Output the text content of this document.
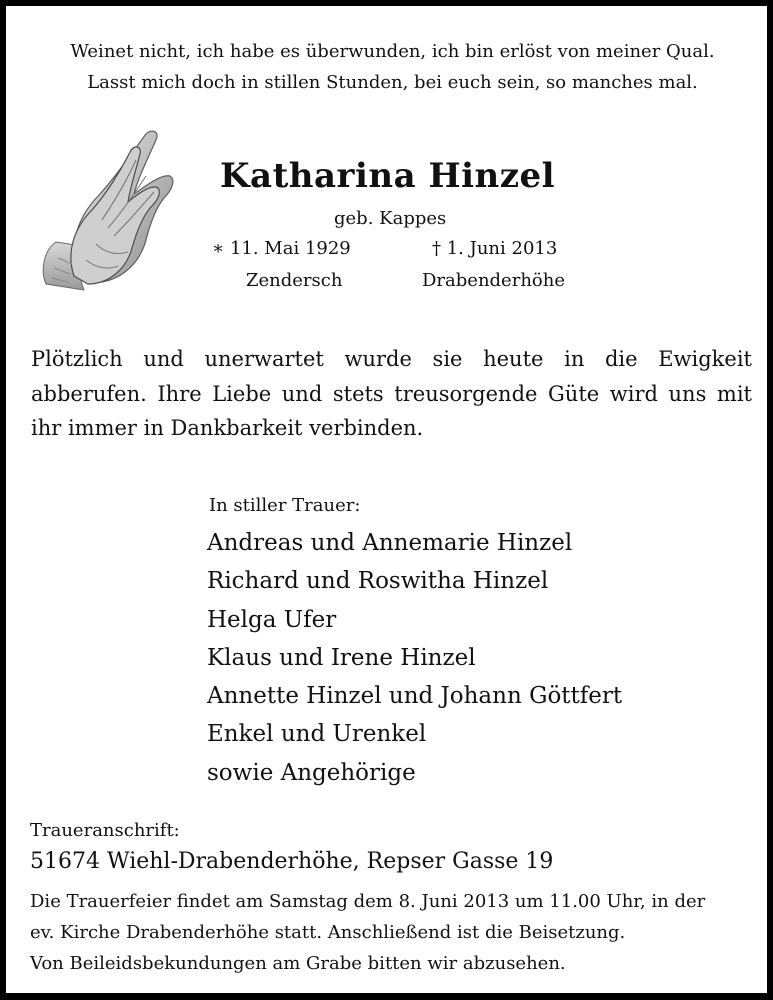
Weinet nicht, ich habe es überwunden, ich bin erlöst von meiner Qual.
Lasst mich doch in stillen Stunden, bei euch sein, so manches mal.
Katharina Hinzel
geb. Kappes
∗ 11. Mai 1929	† 1. Juni 2013
Zendersch	Drabenderhöhe
Plötzlich und unerwartet wurde sie heute in die Ewigkeit abberufen. Ihre Liebe und stets treusorgende Güte wird uns mit ihr immer in Dankbarkeit verbinden.
In stiller Trauer:
Andreas und Annemarie Hinzel
Richard und Roswitha Hinzel
Helga Ufer
Klaus und Irene Hinzel
Annette Hinzel und Johann Göttfert
Enkel und Urenkel
sowie Angehörige
Traueranschrift:
51674 Wiehl-Drabenderhöhe, Repser Gasse 19

Die Trauerfeier findet am Samstag dem 8. Juni 2013 um 11.00 Uhr, in der

ev. Kirche Drabenderhöhe statt. Anschließend ist die Beisetzung.

Von Beileidsbekundungen am Grabe bitten wir abzusehen.
